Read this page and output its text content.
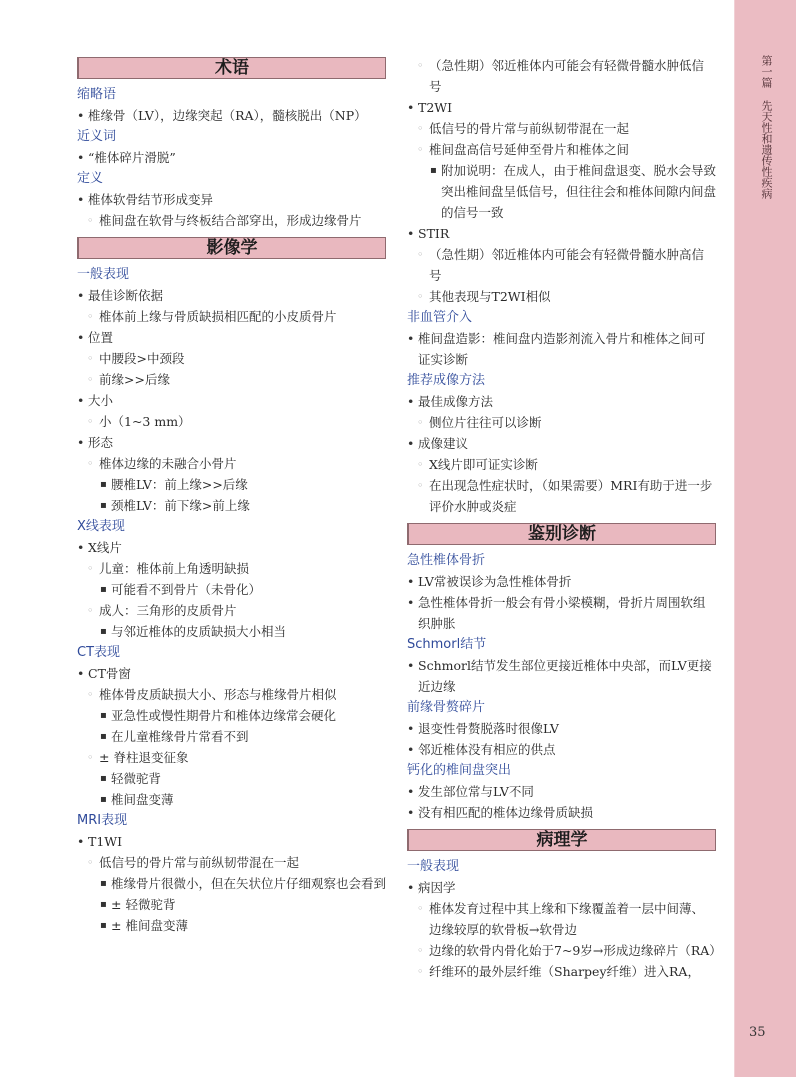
术语
缩略语
• 椎缘骨（LV），边缘突起（RA），髓核脱出（NP）
近义词
• “椎体碎片滑脱”
定义
• 椎体软骨结节形成变异
◦ 椎间盘在软骨与终板结合部穿出，形成边缘骨片
影像学
一般表现
• 最佳诊断依据
◦ 椎体前上缘与骨质缺损相匹配的小皮质骨片
• 位置
◦ 中腰段>中颈段
◦ 前缘>>后缘
• 大小
◦ 小（1~3 mm）
• 形态
◦ 椎体边缘的未融合小骨片
▪ 腰椎LV：前上缘>>后缘
▪ 颈椎LV：前下缘>前上缘
X线表现
• X线片
◦ 儿童：椎体前上角透明缺损
▪ 可能看不到骨片（未骨化）
◦ 成人：三角形的皮质骨片
▪ 与邻近椎体的皮质缺损大小相当
CT表现
• CT骨窗
◦ 椎体骨皮质缺损大小、形态与椎缘骨片相似
▪ 亚急性或慢性期骨片和椎体边缘常会硬化
▪ 在儿童椎缘骨片常看不到
◦ ± 脊柱退变征象
▪ 轻微驼背
▪ 椎间盘变薄
MRI表现
• T1WI
◦ 低信号的骨片常与前纵韧带混在一起
▪ 椎缘骨片很微小，但在矢状位片仔细观察也会看到
▪ ± 轻微驼背
▪ ± 椎间盘变薄
◦ （急性期）邻近椎体内可能会有轻微骨髓水肿低信号
• T2WI
◦ 低信号的骨片常与前纵韧带混在一起
◦ 椎间盘高信号延伸至骨片和椎体之间
▪ 附加说明：在成人，由于椎间盘退变、脱水会导致突出椎间盘呈低信号，但往往会和椎体间隙内间盘的信号一致
• STIR
◦ （急性期）邻近椎体内可能会有轻微骨髓水肿高信号
◦ 其他表现与T2WI相似
非血管介入
• 椎间盘造影：椎间盘内造影剂流入骨片和椎体之间可证实诊断
推荐成像方法
• 最佳成像方法
◦ 侧位片往往可以诊断
• 成像建议
◦ X线片即可证实诊断
◦ 在出现急性症状时，（如果需要）MRI有助于进一步评价水肿或炎症
鉴别诊断
急性椎体骨折
• LV常被误诊为急性椎体骨折
• 急性椎体骨折一般会有骨小梁模糊，骨折片周围软组织肿胀
Schmorl结节
• Schmorl结节发生部位更接近椎体中央部，而LV更接近边缘
前缘骨赘碎片
• 退变性骨赘脱落时很像LV
• 邻近椎体没有相应的供点
钙化的椎间盘突出
• 发生部位常与LV不同
• 没有相匹配的椎体边缘骨质缺损
病理学
一般表现
• 病因学
◦ 椎体发育过程中其上缘和下缘覆盖着一层中间薄、边缘较厚的软骨板→软骨边
◦ 边缘的软骨内骨化始于7~9岁→形成边缘碎片（RA）
◦ 纤维环的最外层纤维（Sharpey纤维）进入RA，
第一篇先天性和遗传性疾病
35
